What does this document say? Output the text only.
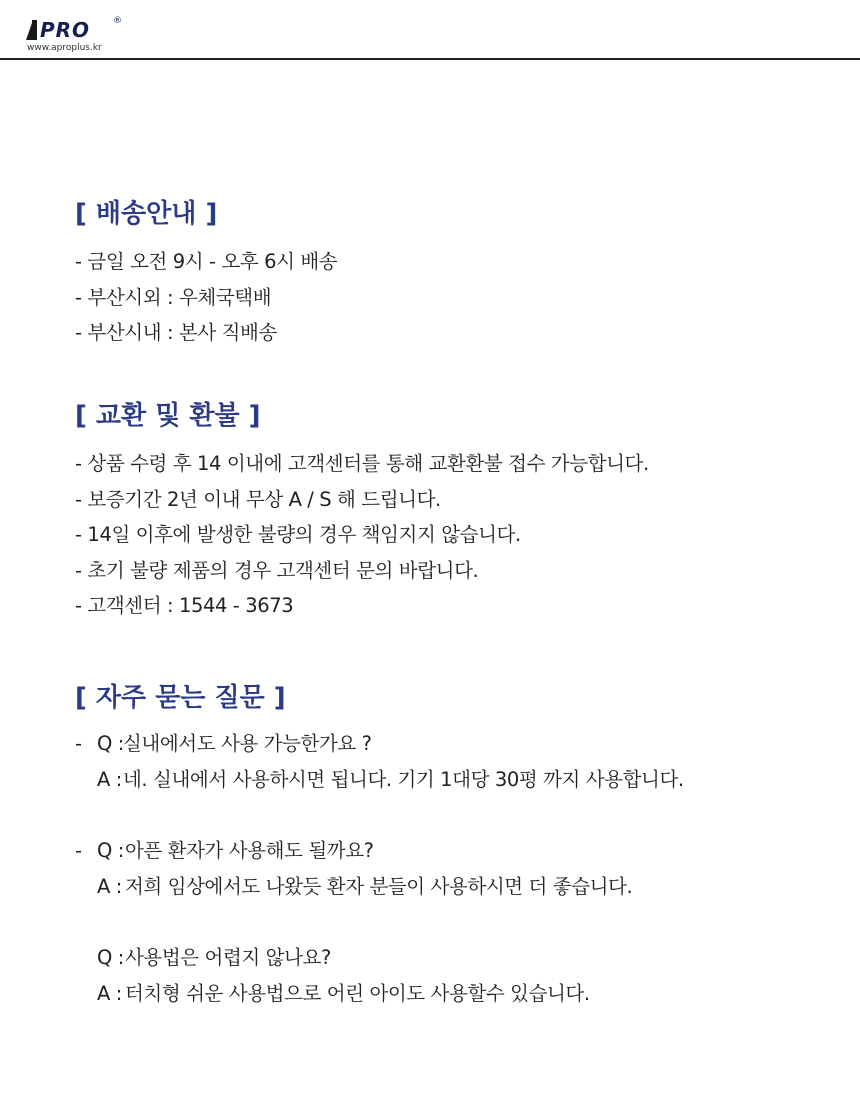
PRO	®
www.aproplus.kr
[ 배송안내 ]
- 금일 오전 9시 - 오후 6시 배송
- 부산시외 : 우체국택배
- 부산시내 : 본사 직배송
[ 교환 및 환불 ]
- 상품 수령 후 14 이내에 고객센터를 통해 교환환불 접수 가능합니다.
- 보증기간 2년 이내 무상 A / S 해 드립니다.
- 14일 이후에 발생한 불량의 경우 책임지지 않습니다.
- 초기 불량 제품의 경우 고객센터 문의 바랍니다.
- 고객센터 : 1544 - 3673
[ 자주 묻는 질문 ]
- Q : 실내에서도 사용 가능한가요 ?
A : 네. 실내에서 사용하시면 됩니다. 기기 1대당 30평 까지 사용합니다.
- Q : 아픈 환자가 사용해도 될까요?
A : 저희 임상에서도 나왔듯 환자 분들이 사용하시면 더 좋습니다.
Q : 사용법은 어렵지 않나요?
A : 터치형 쉬운 사용법으로 어린 아이도 사용할수 있습니다.
